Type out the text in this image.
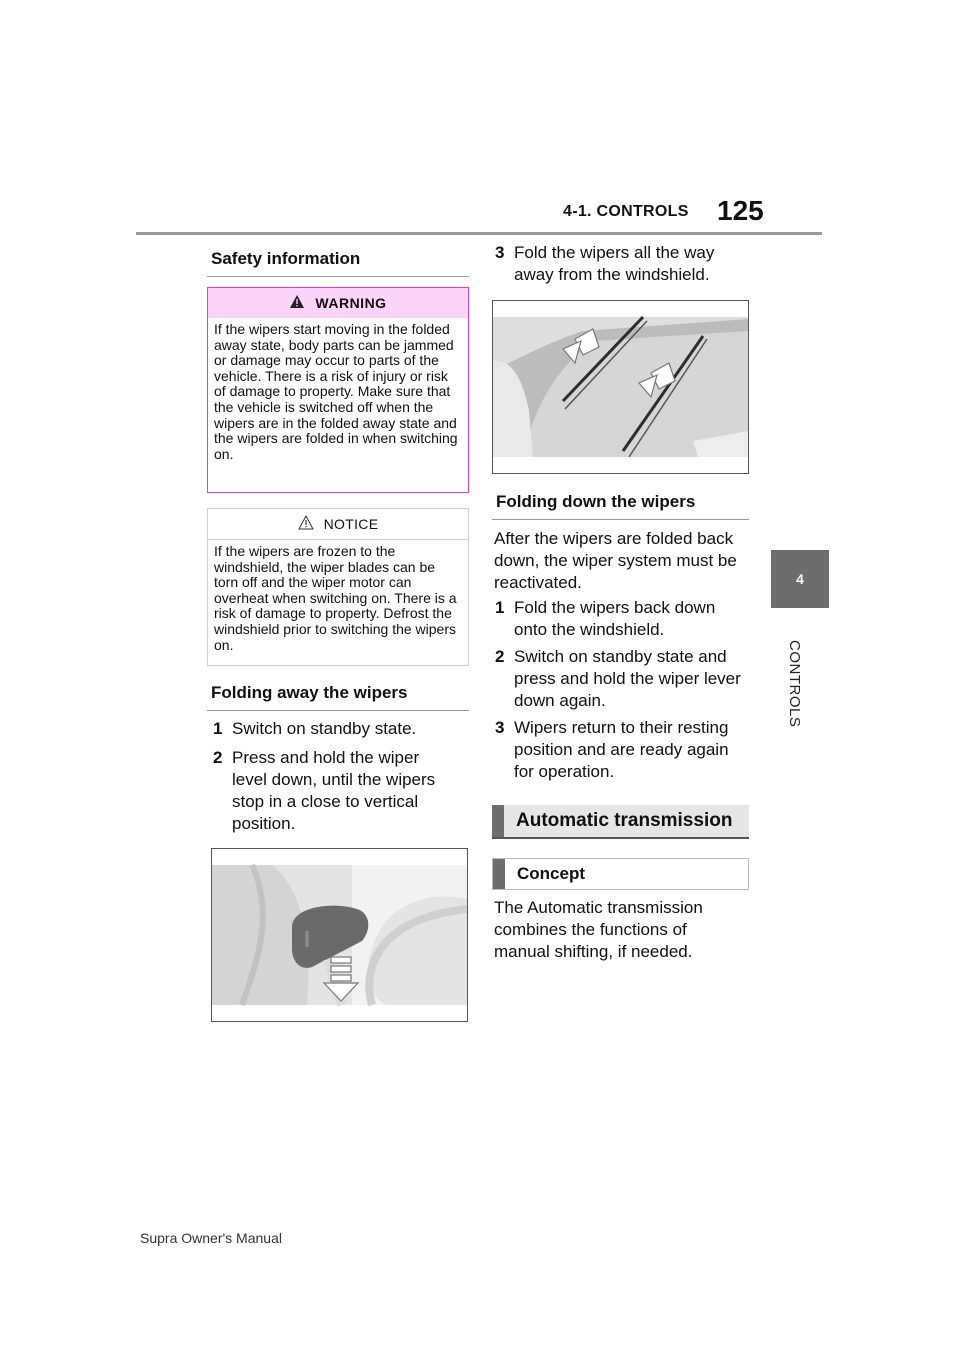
4-1. CONTROLS 125
4
CONTROLS
Safety information
WARNING
If the wipers start moving in the folded away state, body parts can be jammed or damage may occur to parts of the vehicle. There is a risk of injury or risk of damage to property. Make sure that the vehicle is switched off when the wipers are in the folded away state and the wipers are folded in when switching on.
NOTICE
If the wipers are frozen to the windshield, the wiper blades can be torn off and the wiper motor can overheat when switching on. There is a risk of damage to property. Defrost the windshield prior to switching the wipers on.
Folding away the wipers
1 Switch on standby state.
2 Press and hold the wiper level down, until the wipers stop in a close to vertical position.
3 Fold the wipers all the way away from the windshield.
Folding down the wipers
After the wipers are folded back down, the wiper system must be reactivated.
1 Fold the wipers back down onto the windshield.
2 Switch on standby state and press and hold the wiper lever down again.
3 Wipers return to their resting position and are ready again for operation.
Automatic transmission
Concept
The Automatic transmission combines the functions of manual shifting, if needed.
Supra Owner's Manual
